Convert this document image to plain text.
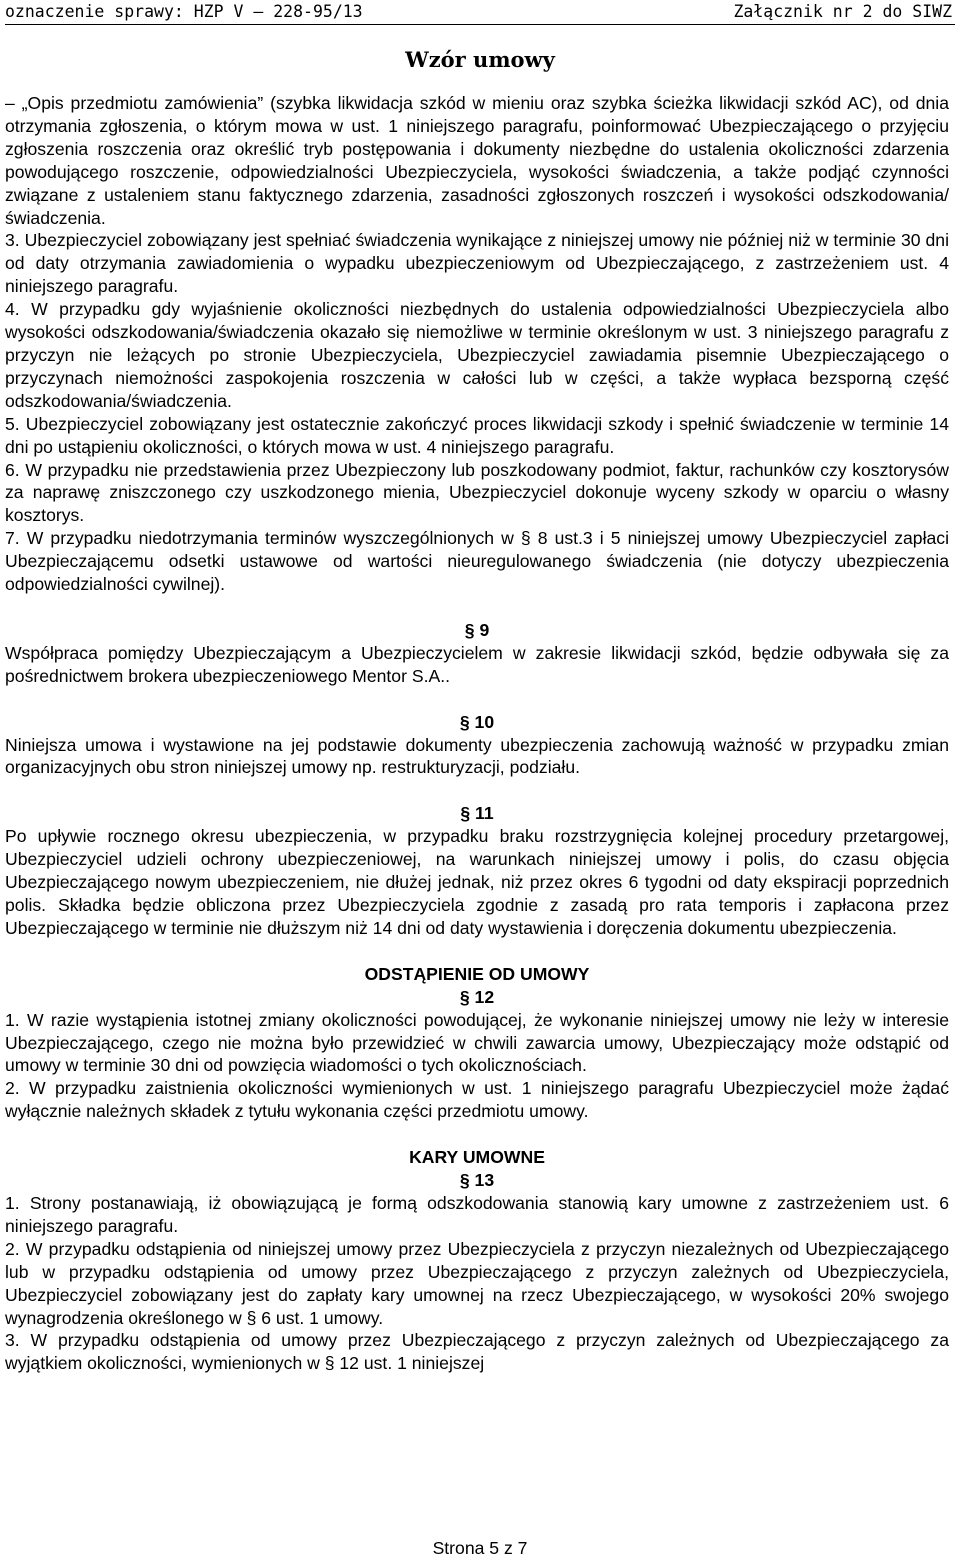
oznaczenie sprawy: HZP V – 228-95/13	Załącznik nr 2 do SIWZ
Wzór umowy
– „Opis przedmiotu zamówienia” (szybka likwidacja szkód w mieniu oraz szybka ścieżka likwidacji szkód AC), od dnia otrzymania zgłoszenia, o którym mowa w ust. 1 niniejszego paragrafu, poinformować Ubezpieczającego o przyjęciu zgłoszenia roszczenia oraz określić tryb postępowania i dokumenty niezbędne do ustalenia okoliczności zdarzenia powodującego roszczenie, odpowiedzialności Ubezpieczyciela, wysokości świadczenia, a także podjąć czynności związane z ustaleniem stanu faktycznego zdarzenia, zasadności zgłoszonych roszczeń i wysokości odszkodowania/świadczenia.
3. Ubezpieczyciel zobowiązany jest spełniać świadczenia wynikające z niniejszej umowy nie później niż w terminie 30 dni od daty otrzymania zawiadomienia o wypadku ubezpieczeniowym od Ubezpieczającego, z zastrzeżeniem ust. 4 niniejszego paragrafu.
4. W przypadku gdy wyjaśnienie okoliczności niezbędnych do ustalenia odpowiedzialności Ubezpieczyciela albo wysokości odszkodowania/świadczenia okazało się niemożliwe w terminie określonym w ust. 3 niniejszego paragrafu z przyczyn nie leżących po stronie Ubezpieczyciela, Ubezpieczyciel zawiadamia pisemnie Ubezpieczającego o przyczynach niemożności zaspokojenia roszczenia w całości lub w części, a także wypłaca bezsporną część odszkodowania/świadczenia.
5. Ubezpieczyciel zobowiązany jest ostatecznie zakończyć proces likwidacji szkody i spełnić świadczenie w terminie 14 dni po ustąpieniu okoliczności, o których mowa w ust. 4 niniejszego paragrafu.
6. W przypadku nie przedstawienia przez Ubezpieczony lub poszkodowany podmiot, faktur, rachunków czy kosztorysów za naprawę zniszczonego czy uszkodzonego mienia, Ubezpieczyciel dokonuje wyceny szkody w oparciu o własny kosztorys.
7. W przypadku niedotrzymania terminów wyszczególnionych w § 8 ust.3 i 5 niniejszej umowy Ubezpieczyciel zapłaci Ubezpieczającemu odsetki ustawowe od wartości nieuregulowanego świadczenia (nie dotyczy ubezpieczenia odpowiedzialności cywilnej).
§ 9
Współpraca pomiędzy Ubezpieczającym a Ubezpieczycielem w zakresie likwidacji szkód, będzie odbywała się za pośrednictwem brokera ubezpieczeniowego Mentor S.A..
§ 10
Niniejsza umowa i wystawione na jej podstawie dokumenty ubezpieczenia zachowują ważność w przypadku zmian organizacyjnych obu stron niniejszej umowy np. restrukturyzacji, podziału.
§ 11
Po upływie rocznego okresu ubezpieczenia, w przypadku braku rozstrzygnięcia kolejnej procedury przetargowej, Ubezpieczyciel udzieli ochrony ubezpieczeniowej, na warunkach niniejszej umowy i polis, do czasu objęcia Ubezpieczającego nowym ubezpieczeniem, nie dłużej jednak, niż przez okres 6 tygodni od daty ekspiracji poprzednich polis. Składka będzie obliczona przez Ubezpieczyciela zgodnie z zasadą pro rata temporis i zapłacona przez Ubezpieczającego w terminie nie dłuższym niż 14 dni od daty wystawienia i doręczenia dokumentu ubezpieczenia.
ODSTĄPIENIE OD UMOWY
§ 12
1. W razie wystąpienia istotnej zmiany okoliczności powodującej, że wykonanie niniejszej umowy nie leży w interesie Ubezpieczającego, czego nie można było przewidzieć w chwili zawarcia umowy, Ubezpieczający może odstąpić od umowy w terminie 30 dni od powzięcia wiadomości o tych okolicznościach.
2. W przypadku zaistnienia okoliczności wymienionych w ust. 1 niniejszego paragrafu Ubezpieczyciel może żądać wyłącznie należnych składek z tytułu wykonania części przedmiotu umowy.
KARY UMOWNE
§ 13
1. Strony postanawiają, iż obowiązującą je formą odszkodowania stanowią kary umowne z zastrzeżeniem ust. 6 niniejszego paragrafu.
2. W przypadku odstąpienia od niniejszej umowy przez Ubezpieczyciela z przyczyn niezależnych od Ubezpieczającego lub w przypadku odstąpienia od umowy przez Ubezpieczającego z przyczyn zależnych od Ubezpieczyciela, Ubezpieczyciel zobowiązany jest do zapłaty kary umownej na rzecz Ubezpieczającego, w wysokości 20% swojego wynagrodzenia określonego w § 6 ust. 1 umowy.
3. W przypadku odstąpienia od umowy przez Ubezpieczającego z przyczyn zależnych od Ubezpieczającego za wyjątkiem okoliczności, wymienionych w § 12 ust. 1 niniejszej
Strona 5 z 7
